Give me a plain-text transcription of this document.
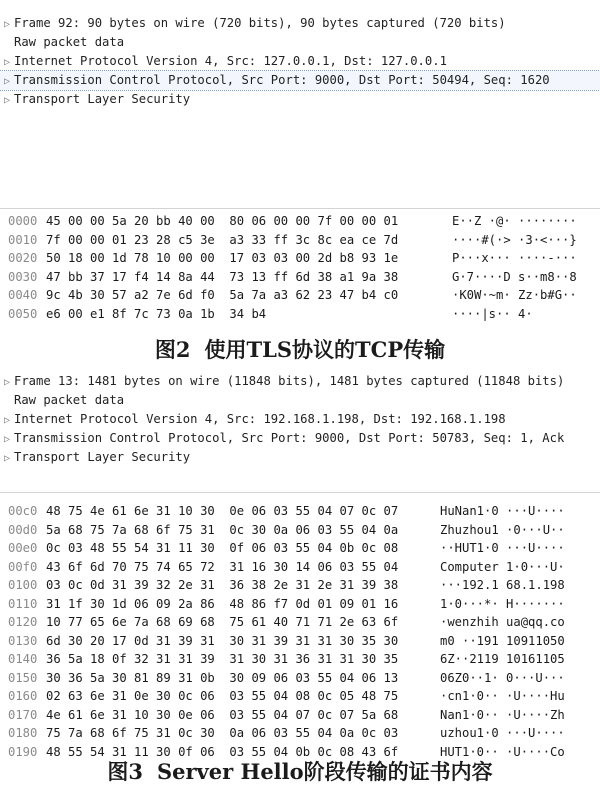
▷ Frame 92: 90 bytes on wire (720 bits), 90 bytes captured (720 bits)
Raw packet data
▷ Internet Protocol Version 4, Src: 127.0.0.1, Dst: 127.0.0.1
▷ Transmission Control Protocol, Src Port: 9000, Dst Port: 50494, Seq: 1620
▷ Transport Layer Security
0000 45 00 00 5a 20 bb 40 00  80 06 00 00 7f 00 00 01	E··Z ·@· ········
0010 7f 00 00 01 23 28 c5 3e  a3 33 ff 3c 8c ea ce 7d	····#(·> ·3·<···}
0020 50 18 00 1d 78 10 00 00  17 03 03 00 2d b8 93 1e	P···x··· ····-···
0030 47 bb 37 17 f4 14 8a 44  73 13 ff 6d 38 a1 9a 38	G·7····D s··m8··8
0040 9c 4b 30 57 a2 7e 6d f0  5a 7a a3 62 23 47 b4 c0	·K0W·~m· Zz·b#G··
0050 e6 00 e1 8f 7c 73 0a 1b  34 b4	····|s·· 4·
图2 使用TLS协议的TCP传输
▷ Frame 13: 1481 bytes on wire (11848 bits), 1481 bytes captured (11848 bits)
Raw packet data
▷ Internet Protocol Version 4, Src: 192.168.1.198, Dst: 192.168.1.198
▷ Transmission Control Protocol, Src Port: 9000, Dst Port: 50783, Seq: 1, Ack
▷ Transport Layer Security
00c0 48 75 4e 61 6e 31 10 30  0e 06 03 55 04 07 0c 07	HuNan1·0 ···U····
00d0 5a 68 75 7a 68 6f 75 31  0c 30 0a 06 03 55 04 0a	Zhuzhou1 ·0···U··
00e0 0c 03 48 55 54 31 11 30  0f 06 03 55 04 0b 0c 08	··HUT1·0 ···U····
00f0 43 6f 6d 70 75 74 65 72  31 16 30 14 06 03 55 04	Computer 1·0···U·
0100 03 0c 0d 31 39 32 2e 31  36 38 2e 31 2e 31 39 38	···192.1 68.1.198
0110 31 1f 30 1d 06 09 2a 86  48 86 f7 0d 01 09 01 16	1·0···*· H·······
0120 10 77 65 6e 7a 68 69 68  75 61 40 71 71 2e 63 6f	·wenzhih ua@qq.co
0130 6d 30 20 17 0d 31 39 31  30 31 39 31 31 30 35 30	m0 ··191 10911050
0140 36 5a 18 0f 32 31 31 39  31 30 31 36 31 31 30 35	6Z··2119 10161105
0150 30 36 5a 30 81 89 31 0b  30 09 06 03 55 04 06 13	06Z0··1· 0···U···
0160 02 63 6e 31 0e 30 0c 06  03 55 04 08 0c 05 48 75	·cn1·0·· ·U····Hu
0170 4e 61 6e 31 10 30 0e 06  03 55 04 07 0c 07 5a 68	Nan1·0·· ·U····Zh
0180 75 7a 68 6f 75 31 0c 30  0a 06 03 55 04 0a 0c 03	uzhou1·0 ···U····
0190 48 55 54 31 11 30 0f 06  03 55 04 0b 0c 08 43 6f	HUT1·0·· ·U····Co
图3 Server Hello阶段传输的证书内容
